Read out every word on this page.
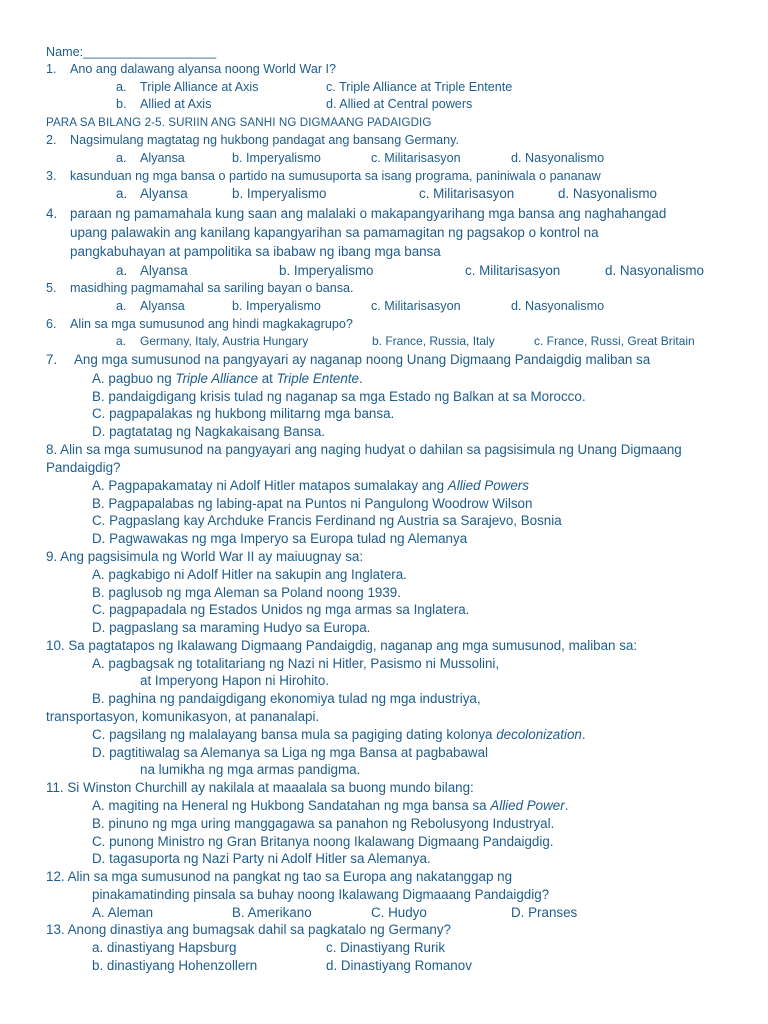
Name:___________________
1. Ano ang dalawang alyansa noong World War I?
a. Triple Alliance at Axis	c. Triple Alliance at Triple Entente
b. Allied at Axis	d. Allied at Central powers
PARA SA BILANG 2-5. SURIIN ANG SANHI NG DIGMAANG PADAIGDIG
2. Nagsimulang magtatag ng hukbong pandagat ang bansang Germany.
a. Alyansa	b. Imperyalismo	c. Militarisasyon	d. Nasyonalismo
3. kasunduan ng mga bansa o partido na sumusuporta sa isang programa, paniniwala o pananaw
a. Alyansa	b. Imperyalismo	c. Militarisasyon	d. Nasyonalismo
4. paraan ng pamamahala kung saan ang malalaki o makapangyarihang mga bansa ang naghahangad
upang palawakin ang kanilang kapangyarihan sa pamamagitan ng pagsakop o kontrol na
pangkabuhayan at pampolitika sa ibabaw ng ibang mga bansa
a. Alyansa	b. Imperyalismo	c. Militarisasyon	d. Nasyonalismo
5. masidhing pagmamahal sa sariling bayan o bansa.
a. Alyansa	b. Imperyalismo	c. Militarisasyon	d. Nasyonalismo
6. Alin sa mga sumusunod ang hindi magkakagrupo?
a. Germany, Italy, Austria Hungary	b. France, Russia, Italy	c. France, Russi, Great Britain
7. Ang mga sumusunod na pangyayari ay naganap noong Unang Digmaang Pandaigdig maliban sa
A. pagbuo ng Triple Alliance at Triple Entente.
B. pandaigdigang krisis tulad ng naganap sa mga Estado ng Balkan at sa Morocco.
C. pagpapalakas ng hukbong militarng mga bansa.
D. pagtatatag ng Nagkakaisang Bansa.
8. Alin sa mga sumusunod na pangyayari ang naging hudyat o dahilan sa pagsisimula ng Unang Digmaang
Pandaigdig?
A. Pagpapakamatay ni Adolf Hitler matapos sumalakay ang Allied Powers
B. Pagpapalabas ng labing-apat na Puntos ni Pangulong Woodrow Wilson
C. Pagpaslang kay Archduke Francis Ferdinand ng Austria sa Sarajevo, Bosnia
D. Pagwawakas ng mga Imperyo sa Europa tulad ng Alemanya
9. Ang pagsisimula ng World War II ay maiuugnay sa:
A. pagkabigo ni Adolf Hitler na sakupin ang Inglatera.
B. paglusob ng mga Aleman sa Poland noong 1939.
C. pagpapadala ng Estados Unidos ng mga armas sa Inglatera.
D. pagpaslang sa maraming Hudyo sa Europa.
10. Sa pagtatapos ng Ikalawang Digmaang Pandaigdig, naganap ang mga sumusunod, maliban sa:
A. pagbagsak ng totalitariang ng Nazi ni Hitler, Pasismo ni Mussolini,
at Imperyong Hapon ni Hirohito.
B. paghina ng pandaigdigang ekonomiya tulad ng mga industriya,
transportasyon, komunikasyon, at pananalapi.
C. pagsilang ng malalayang bansa mula sa pagiging dating kolonya decolonization.
D. pagtitiwalag sa Alemanya sa Liga ng mga Bansa at pagbabawal
na lumikha ng mga armas pandigma.
11. Si Winston Churchill ay nakilala at maaalala sa buong mundo bilang:
A. magiting na Heneral ng Hukbong Sandatahan ng mga bansa sa Allied Power.
B. pinuno ng mga uring manggagawa sa panahon ng Rebolusyong Industryal.
C. punong Ministro ng Gran Britanya noong Ikalawang Digmaang Pandaigdig.
D. tagasuporta ng Nazi Party ni Adolf Hitler sa Alemanya.
12. Alin sa mga sumusunod na pangkat ng tao sa Europa ang nakatanggap ng
pinakamatinding pinsala sa buhay noong Ikalawang Digmaaang Pandaigdig?
A. Aleman	B. Amerikano	C. Hudyo	D. Pranses
13. Anong dinastiya ang bumagsak dahil sa pagkatalo ng Germany?
a. dinastiyang Hapsburg	c. Dinastiyang Rurik
b. dinastiyang Hohenzollern	d. Dinastiyang Romanov
